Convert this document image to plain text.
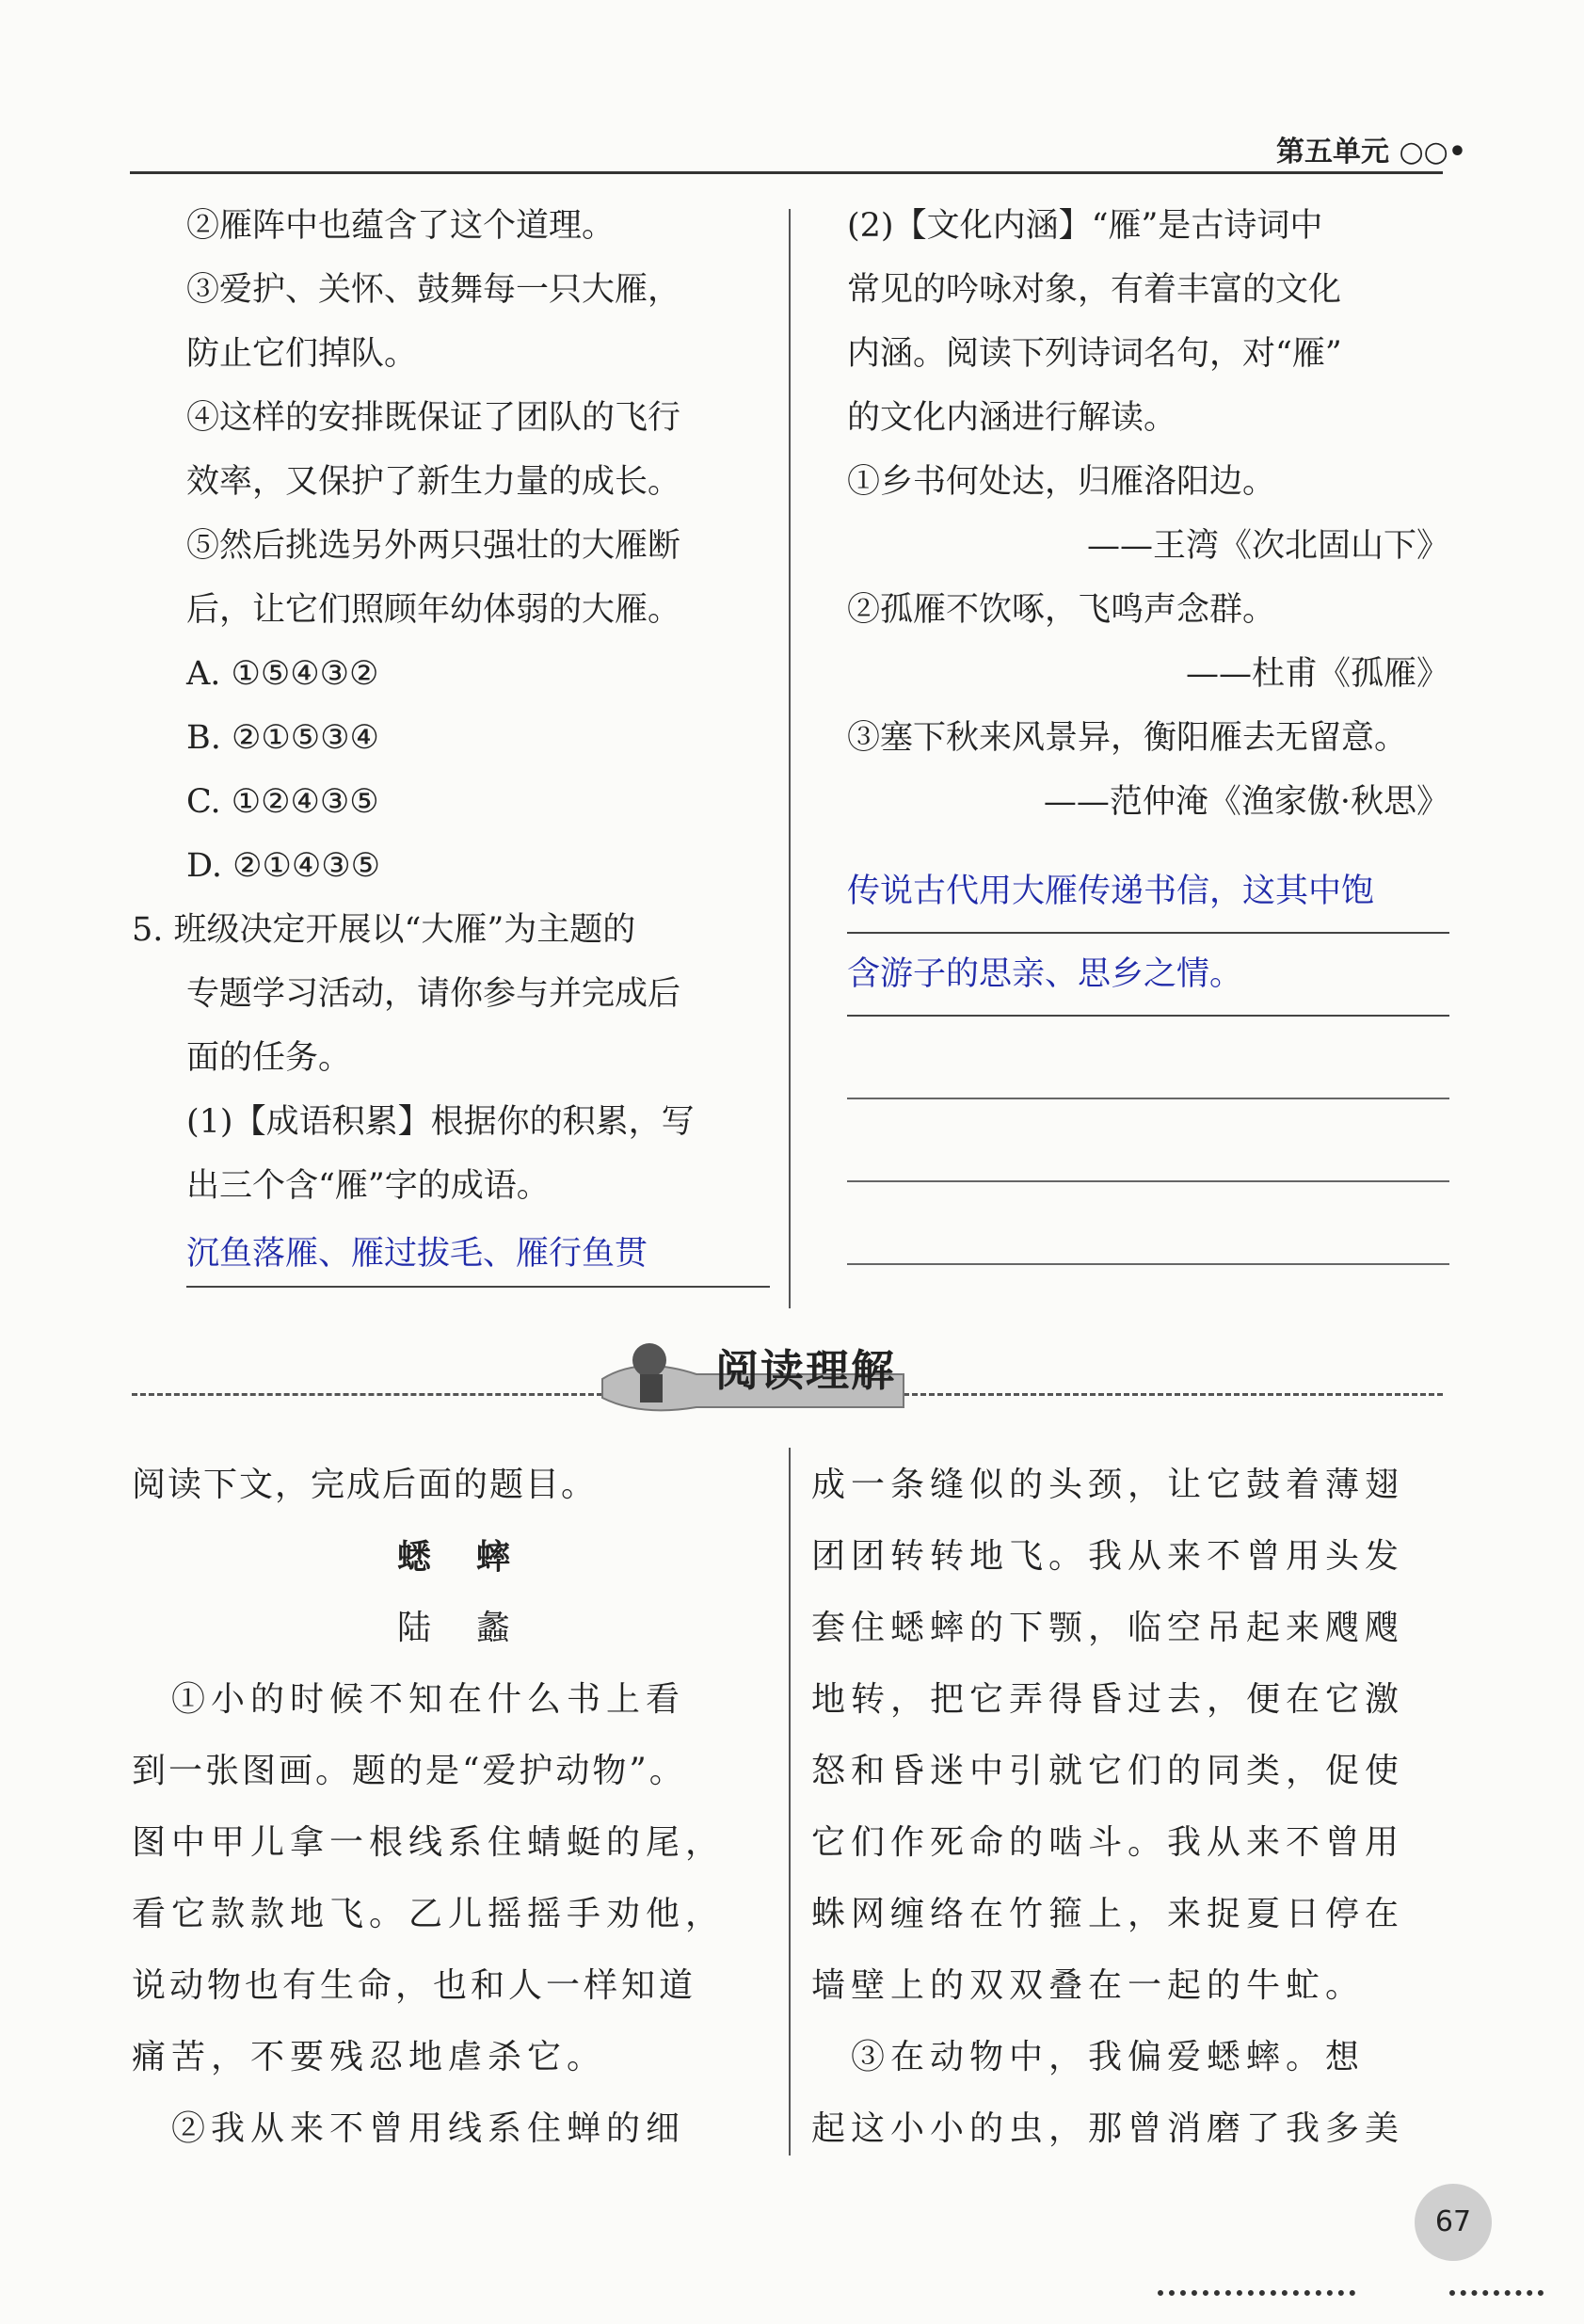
第五单元 ○○•

②雁阵中也蕴含了这个道理。

③爱护、关怀、鼓舞每一只大雁，

防止它们掉队。

④这样的安排既保证了团队的飞行

效率，又保护了新生力量的成长。

⑤然后挑选另外两只强壮的大雁断

后，让它们照顾年幼体弱的大雁。

A. ①⑤④③②

B. ②①⑤③④

C. ①②④③⑤

D. ②①④③⑤

5. 班级决定开展以“大雁”为主题的

专题学习活动，请你参与并完成后

面的任务。

(1)【成语积累】根据你的积累，写

出三个含“雁”字的成语。

沉鱼落雁、雁过拔毛、雁行鱼贯

(2)【文化内涵】“雁”是古诗词中

常见的吟咏对象，有着丰富的文化

内涵。阅读下列诗词名句，对“雁”

的文化内涵进行解读。

①乡书何处达，归雁洛阳边。

——王湾《次北固山下》

②孤雁不饮啄，飞鸣声念群。

——杜甫《孤雁》

③塞下秋来风景异，衡阳雁去无留意。

——范仲淹《渔家傲·秋思》

传说古代用大雁传递书信，这其中饱

含游子的思亲、思乡之情。

阅读理解

阅读下文，完成后面的题目。

蟋　蟀

陆　蠡

①小的时候不知在什么书上看

到一张图画。题的是“爱护动物”。

图中甲儿拿一根线系住蜻蜓的尾，

看它款款地飞。乙儿摇摇手劝他，

说动物也有生命，也和人一样知道

痛苦，不要残忍地虐杀它。

②我从来不曾用线系住蝉的细

成一条缝似的头颈，让它鼓着薄翅

团团转转地飞。我从来不曾用头发

套住蟋蟀的下颚，临空吊起来飕飕

地转，把它弄得昏过去，便在它激

怒和昏迷中引就它们的同类，促使

它们作死命的啮斗。我从来不曾用

蛛网缠络在竹箍上，来捉夏日停在

墙壁上的双双叠在一起的牛虻。

③在动物中，我偏爱蟋蟀。想

起这小小的虫，那曾消磨了我多美

67
